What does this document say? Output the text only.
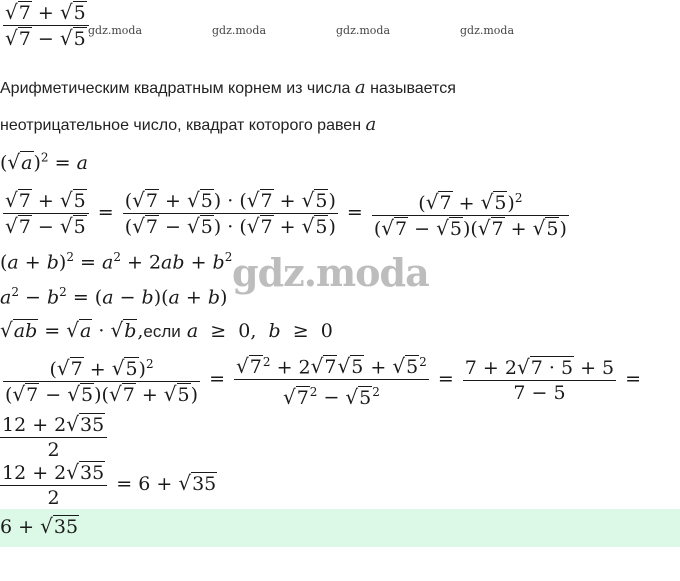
$\frac{√7 + √5}{√7 - √5}$ gdz.moda	gdz.moda	gdz.moda	gdz.moda
Арифметическим квадратным корнем из числа a называется
неотрицательное число, квадрат которого равен a
$(√a)^2 = a$
$\frac{√7 + √5}{√7 - √5} = \frac{(√7 + √5) \cdot (√7 + √5)}{(√7 - √5) \cdot (√7 + √5)} = \frac{(√7 + √5)^2}{(√7 - √5)(√7 + √5)}$
$(a + b)^2 = a^2 + 2ab + b^2$
$a^2 - b^2 = (a - b)(a + b)$
√ab = √a · √b,если a  ≥  0,  b  ≥  0
gdz.moda
$\frac{(√7 + √5)^2}{(√7 - √5)(√7 + √5)} = \frac{√7^2 + 2√7√5 + √5^2}{√7^2 - √5^2} = \frac{7 + 2√7 \cdot 5 + 5}{7 - 5}$ =
$\frac{12 + 2√35}{2}$
$\frac{12 + 2√35}{2} = 6 + √35$
6 + √35
